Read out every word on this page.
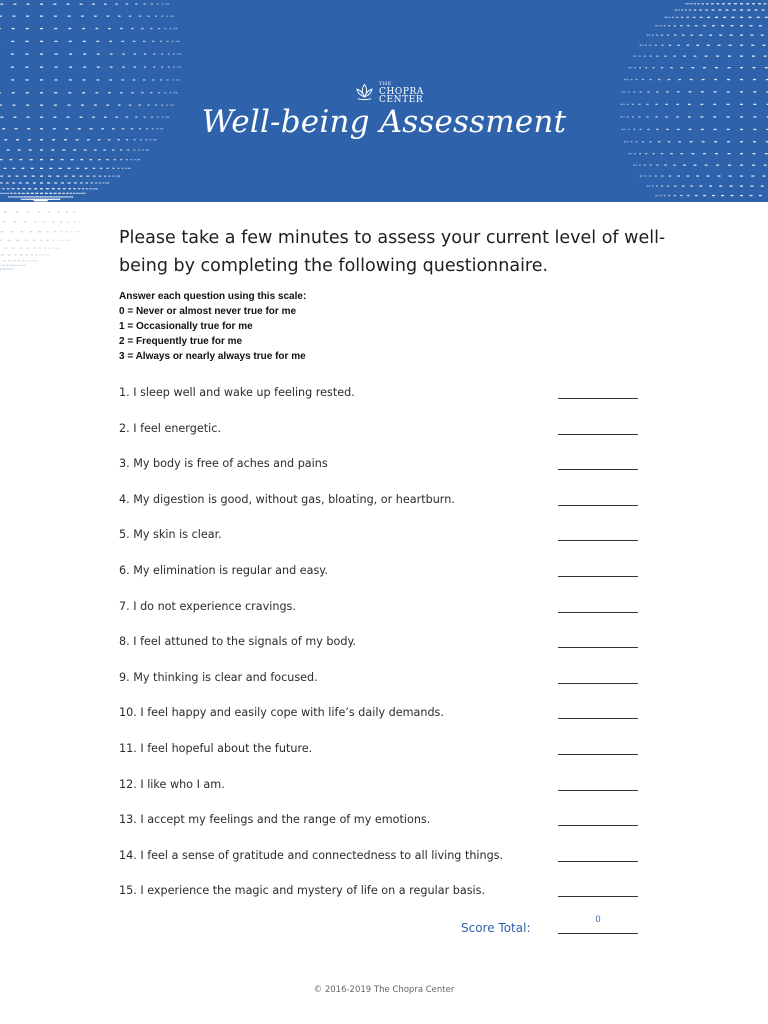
THE
CHOPRA
CENTER
Well-being Assessment
Please take a few minutes to assess your current level of well-being by completing the following questionnaire.
Answer each question using this scale:
0 = Never or almost never true for me
1 = Occasionally true for me
2 = Frequently true for me
3 = Always or nearly always true for me
1. I sleep well and wake up feeling rested.
2. I feel energetic.
3. My body is free of aches and pains
4. My digestion is good, without gas, bloating, or heartburn.
5. My skin is clear.
6. My elimination is regular and easy.
7. I do not experience cravings.
8. I feel attuned to the signals of my body.
9. My thinking is clear and focused.
10. I feel happy and easily cope with life’s daily demands.
11. I feel hopeful about the future.
12. I like who I am.
13. I accept my feelings and the range of my emotions.
14. I feel a sense of gratitude and connectedness to all living things.
15. I experience the magic and mystery of life on a regular basis.
Score Total:
0
© 2016-2019 The Chopra Center
